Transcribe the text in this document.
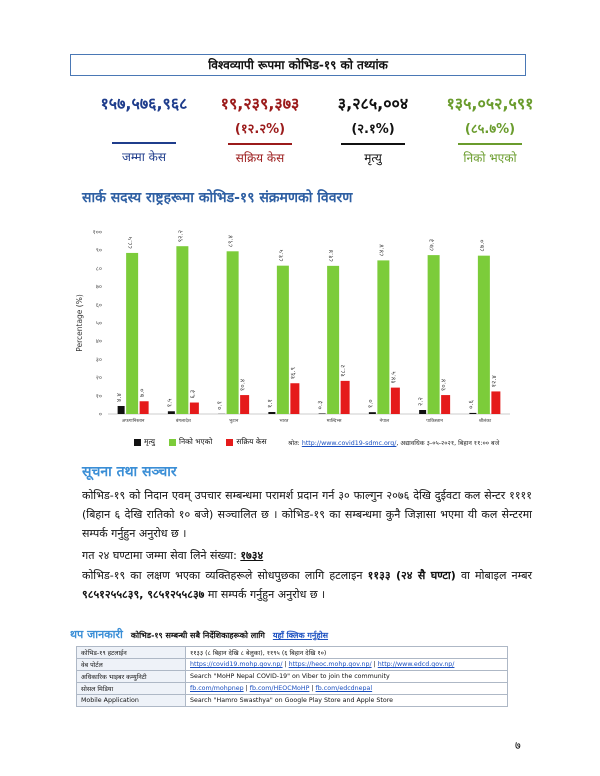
विश्वव्यापी रूपमा कोभिड-१९ को तथ्यांक
१५७,५७६,९६८
जम्मा केस
१९,२३९,३७३
(१२.२%)
सक्रिय केस
३,२८५,००४
(२.१%)
मृत्यु
१३५,०५२,५९१
(८५.७%)
निको भएको
सार्क सदस्य राष्ट्रहरूमा कोभिड-१९ संक्रमणको विवरण
०
१०
२०
३०
४०
५०
६०
७०
८०
९०
१००
Percentage (%)
४.४
८८.५
७.०
अफगानिस्तान
१.५
९२.२
६.३
बंगलादेश
०.१
८९.४
१०.४
भुटान
१.१
८१.५
१६.९
भारत
०.३
८१.४
१८.२
माल्दिभ्स
१.०
८४.४
१४.५
नेपाल
२.२
८७.३
१०.४
पाकिस्तान
०.६
८७.०
१२.४
श्रीलंका
मृत्यु	निको भएको	सक्रिय केस	श्रोत: http://www.covid19-sdmc.org/, अद्यावधिक ३-०५-२०२१, बिहान ११:०० बजे
सूचना तथा सञ्चार
कोभिड-१९ को निदान एवम् उपचार सम्बन्धमा परामर्श प्रदान गर्न ३० फाल्गुन २०७६ देखि दुईवटा कल सेन्टर ११११ (बिहान ६ देखि रातिको १० बजे) सञ्चालित छ । कोभिड-१९ का सम्बन्धमा कुनै जिज्ञासा भएमा यी कल सेन्टरमा सम्पर्क गर्नुहुन अनुरोध छ ।
गत २४ घण्टामा जम्मा सेवा लिने संख्या: १७३४
कोभिड-१९ का लक्षण भएका व्यक्तिहरूले सोधपुछका लागि हटलाइन ११३३ (२४ सै घण्टा) वा मोबाइल नम्बर ९८५१२५५८३९, ९८५१२५५८३७ मा सम्पर्क गर्नुहुन अनुरोध छ ।
थप जानकारी कोभिड-१९ सम्बन्धी सबै निर्देशिकाहरूको लागि यहाँ क्लिक गर्नुहोस
कोभिड-१९ हटलाईन	११३३ (८ बिहान देखि ८ बेलुका), ११९५ (६ बिहान देखि १०)
वेब पोर्टल	https://covid19.mohp.gov.np/ | https://heoc.mohp.gov.np/ | http://www.edcd.gov.np/
अधिकारिक भाइबर कम्युनिटी	Search "MoHP Nepal COVID-19" on Viber to join the community
सोसल मिडिया	fb.com/mohpnep | fb.com/HEOCMoHP | fb.com/edcdnepal
Mobile Application	Search "Hamro Swasthya" on Google Play Store and Apple Store
७
